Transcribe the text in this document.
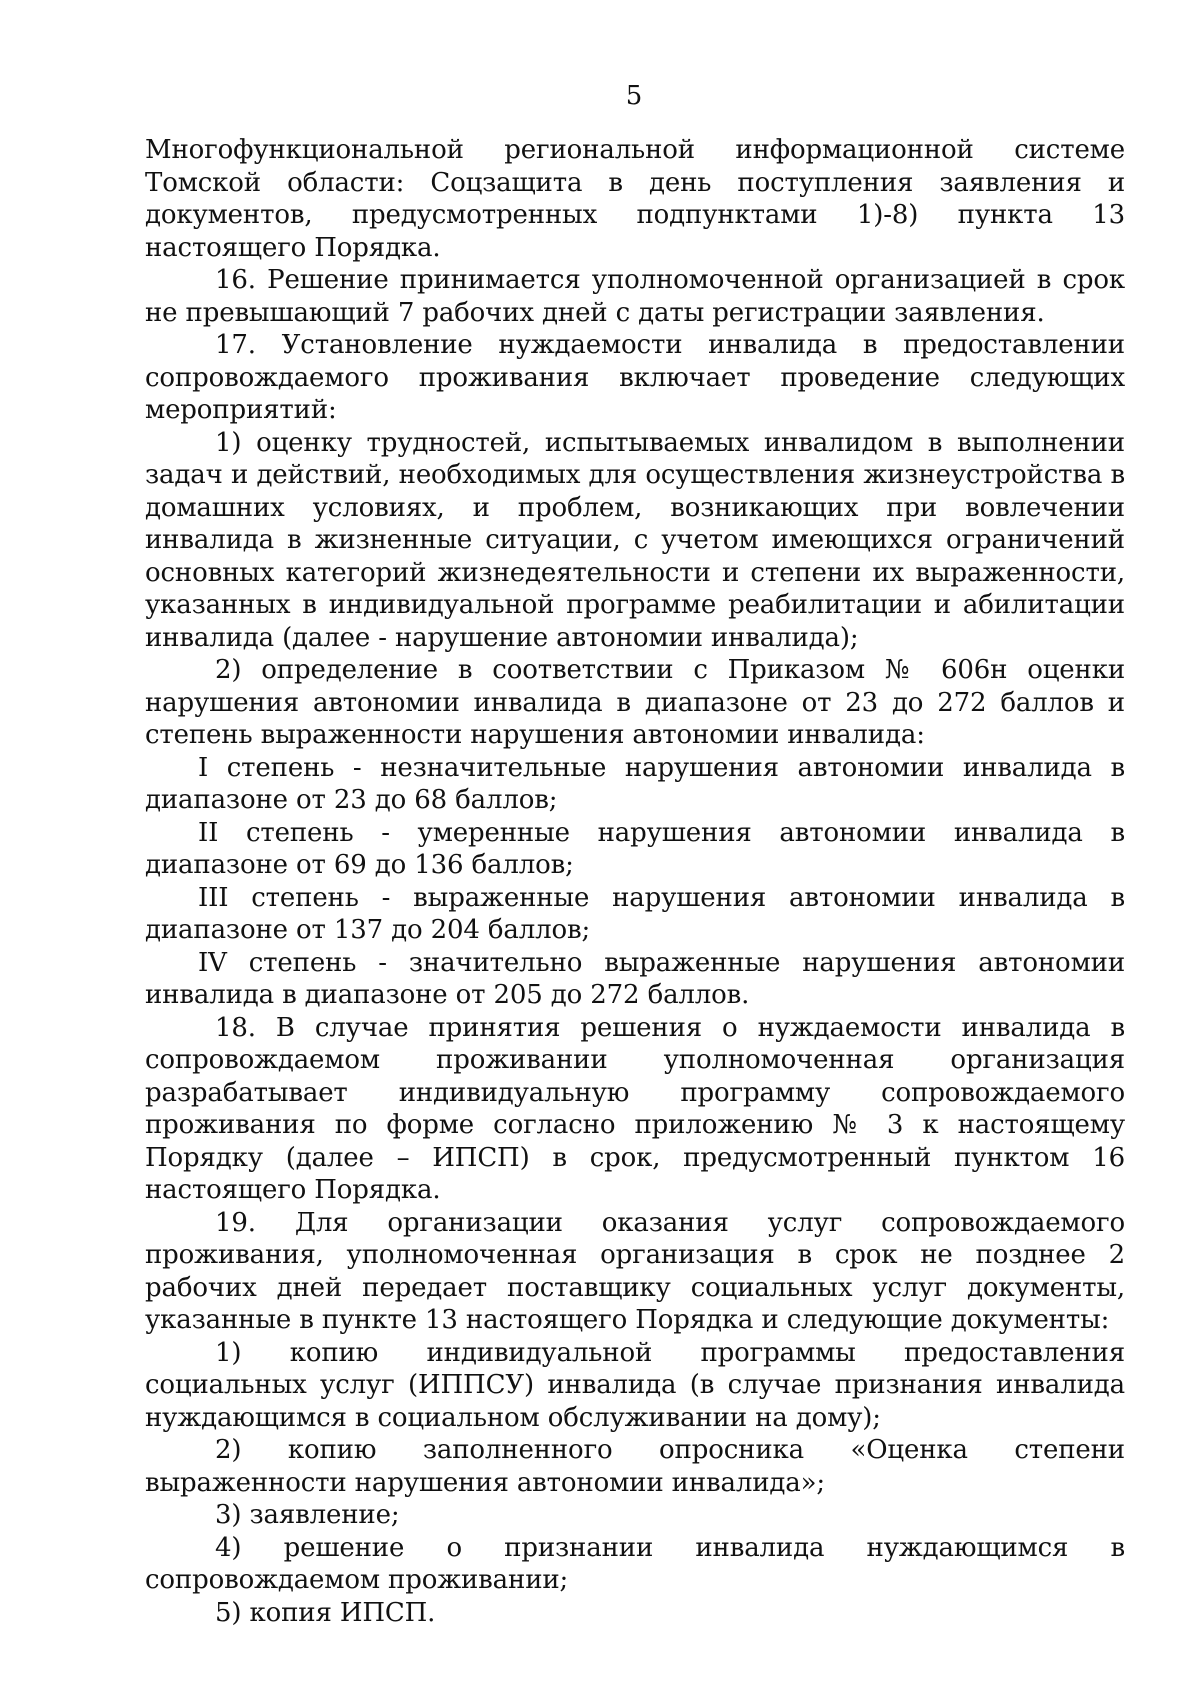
5

Многофункциональной региональной информационной системе Томской области: Соцзащита в день поступления заявления и документов, предусмотренных подпунктами 1)-8) пункта 13 настоящего Порядка.

16. Решение принимается уполномоченной организацией в срок не превышающий 7 рабочих дней с даты регистрации заявления.

17. Установление нуждаемости инвалида в предоставлении сопровождаемого проживания включает проведение следующих мероприятий:

1) оценку трудностей, испытываемых инвалидом в выполнении задач и действий, необходимых для осуществления жизнеустройства в домашних условиях, и проблем, возникающих при вовлечении инвалида в жизненные ситуации, с учетом имеющихся ограничений основных категорий жизнедеятельности и степени их выраженности, указанных в индивидуальной программе реабилитации и абилитации инвалида (далее - нарушение автономии инвалида);

2) определение в соответствии с Приказом № 606н оценки нарушения автономии инвалида в диапазоне от 23 до 272 баллов и степень выраженности нарушения автономии инвалида:

I степень - незначительные нарушения автономии инвалида в диапазоне от 23 до 68 баллов;

II степень - умеренные нарушения автономии инвалида в диапазоне от 69 до 136 баллов;

III степень - выраженные нарушения автономии инвалида в диапазоне от 137 до 204 баллов;

IV степень - значительно выраженные нарушения автономии инвалида в диапазоне от 205 до 272 баллов.

18. В случае принятия решения о нуждаемости инвалида в сопровождаемом проживании уполномоченная организация разрабатывает индивидуальную программу сопровождаемого проживания по форме согласно приложению № 3 к настоящему Порядку (далее – ИПСП) в срок, предусмотренный пунктом 16 настоящего Порядка.

19. Для организации оказания услуг сопровождаемого проживания, уполномоченная организация в срок не позднее 2 рабочих дней передает поставщику социальных услуг документы, указанные в пункте 13 настоящего Порядка и следующие документы:

1) копию индивидуальной программы предоставления социальных услуг (ИППСУ) инвалида (в случае признания инвалида нуждающимся в социальном обслуживании на дому);

2) копию заполненного опросника «Оценка степени выраженности нарушения автономии инвалида»;

3) заявление;

4) решение о признании инвалида нуждающимся в сопровождаемом проживании;

5) копия ИПСП.
